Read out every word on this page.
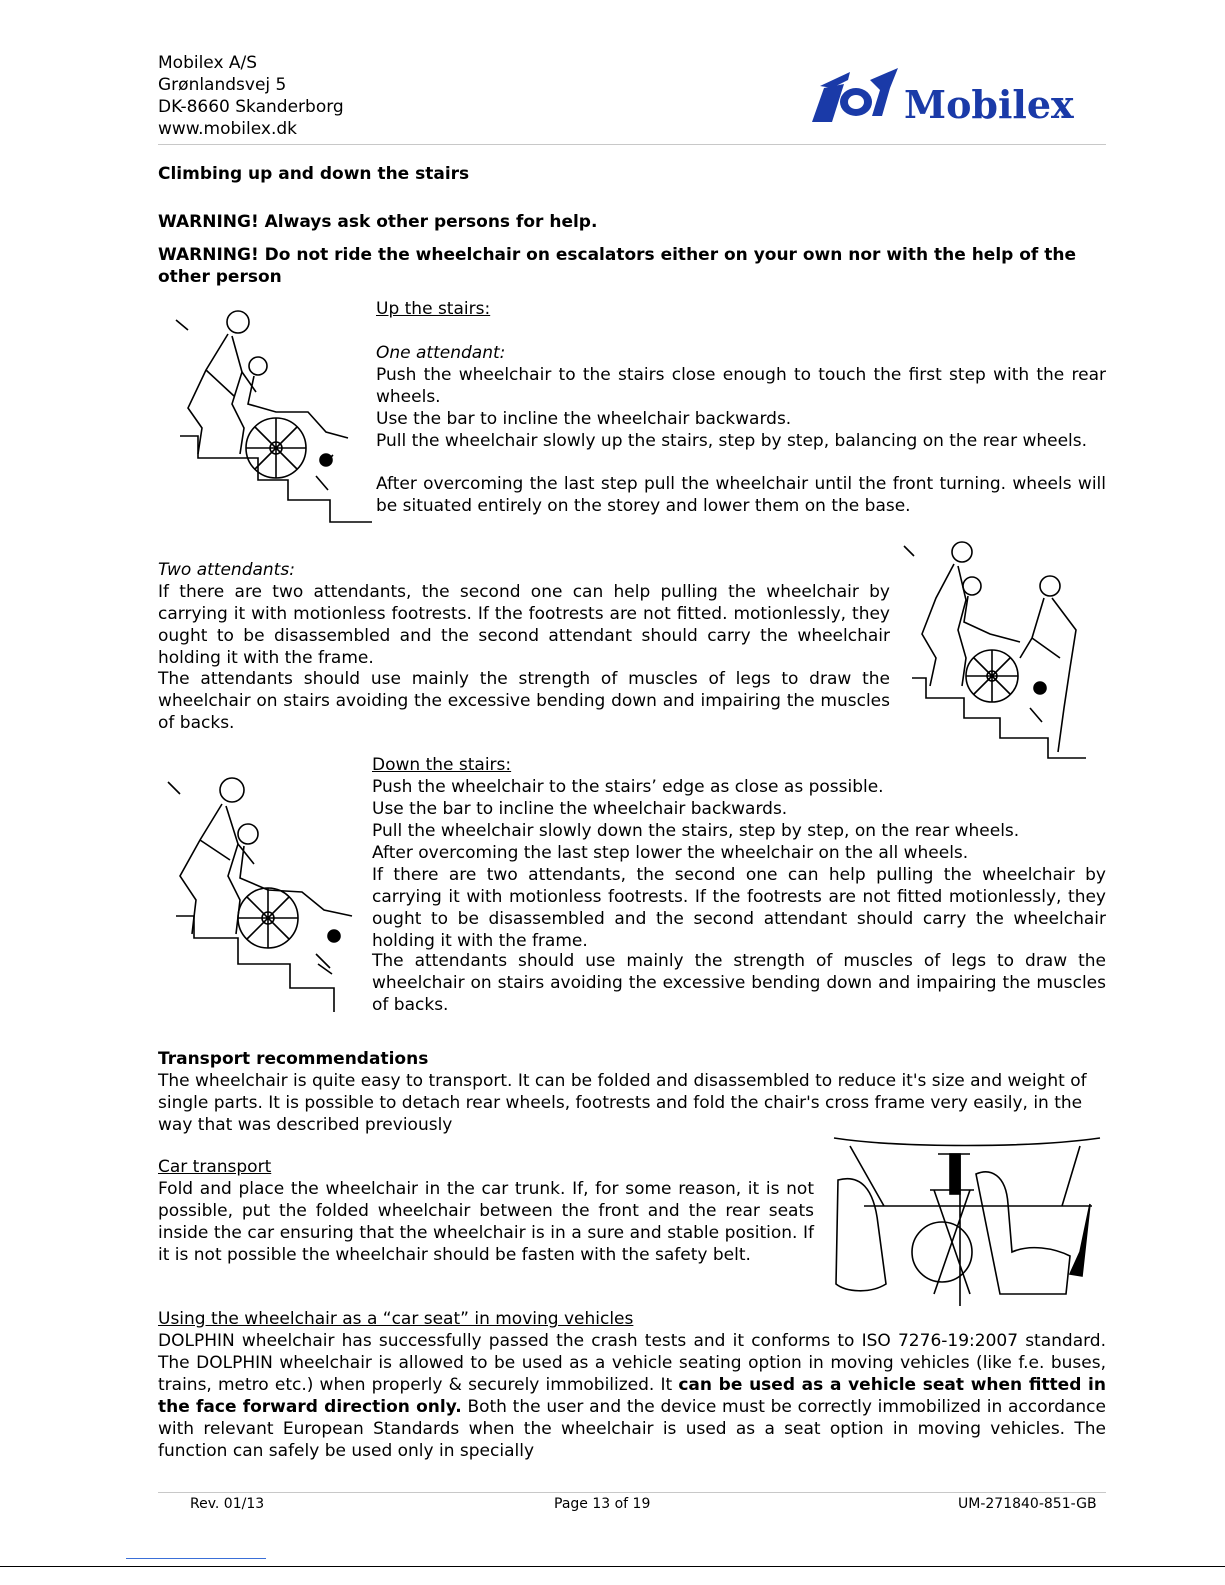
Mobilex A/S
Grønlandsvej 5
DK-8660 Skanderborg
www.mobilex.dk
Mobilex
Climbing up and down the stairs
WARNING! Always ask other persons for help.
WARNING! Do not ride the wheelchair on escalators either on your own nor with the help of the other person
Up the stairs:
One attendant:
Push the wheelchair to the stairs close enough to touch the first step with the rear wheels.
Use the bar to incline the wheelchair backwards.
Pull the wheelchair slowly up the stairs, step by step, balancing on the rear wheels.
After overcoming the last step pull the wheelchair until the front turning. wheels will be situated entirely on the storey and lower them on the base.
Two attendants:
If there are two attendants, the second one can help pulling the wheelchair by carrying it with motionless footrests. If the footrests are not fitted. motionlessly, they ought to be disassembled and the second attendant should carry the wheelchair holding it with the frame.
The attendants should use mainly the strength of muscles of legs to draw the wheelchair on stairs avoiding the excessive bending down and impairing the muscles of backs.
Down the stairs:
Push the wheelchair to the stairs’ edge as close as possible.
Use the bar to incline the wheelchair backwards.
Pull the wheelchair slowly down the stairs, step by step, on the rear wheels.
After overcoming the last step lower the wheelchair on the all wheels.
If there are two attendants, the second one can help pulling the wheelchair by carrying it with motionless footrests. If the footrests are not fitted motionlessly, they ought to be disassembled and the second attendant should carry the wheelchair holding it with the frame.
The attendants should use mainly the strength of muscles of legs to draw the wheelchair on stairs avoiding the excessive bending down and impairing the muscles of backs.
Transport recommendations
The wheelchair is quite easy to transport. It can be folded and disassembled to reduce it's size and weight of single parts. It is possible to detach rear wheels, footrests and fold the chair's cross frame very easily, in the way that was described previously
Car transport
Fold and place the wheelchair in the car trunk. If, for some reason, it is not possible, put the folded wheelchair between the front and the rear seats inside the car ensuring that the wheelchair is in a sure and stable position. If it is not possible the wheelchair should be fasten with the safety belt.
Using the wheelchair as a “car seat” in moving vehicles
DOLPHIN wheelchair has successfully passed the crash tests and it conforms to ISO 7276-19:2007 standard. The DOLPHIN wheelchair is allowed to be used as a vehicle seating option in moving vehicles (like f.e. buses, trains, metro etc.) when properly & securely immobilized. It can be used as a vehicle seat when fitted in the face forward direction only. Both the user and the device must be correctly immobilized in accordance with relevant European Standards when the wheelchair is used as a seat option in moving vehicles. The function can safely be used only in specially
Rev. 01/13	Page 13 of 19	UM-271840-851-GB
